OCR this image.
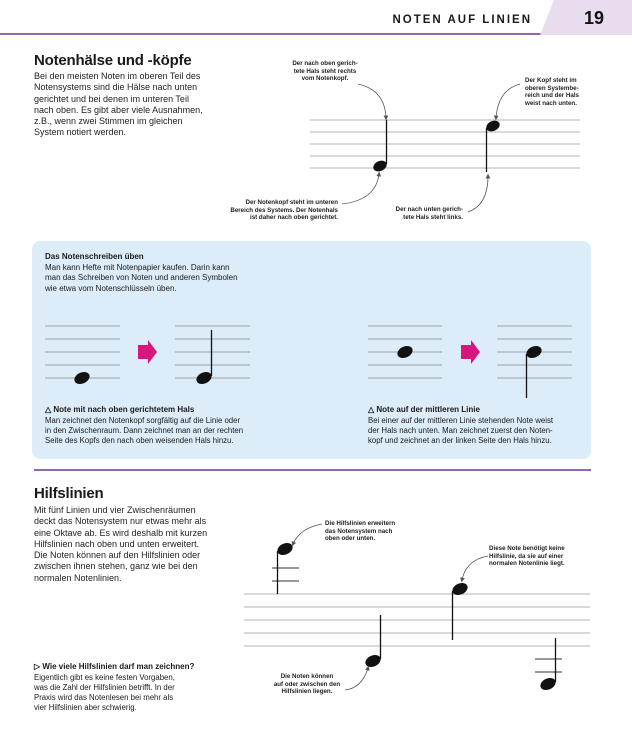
NOTEN AUF LINIEN	19
Notenhälse und -köpfe
Bei den meisten Noten im oberen Teil des
Notensystems sind die Hälse nach unten
gerichtet und bei denen im unteren Teil
nach oben. Es gibt aber viele Ausnahmen,
z.B., wenn zwei Stimmen im gleichen
System notiert werden.
Der nach oben gerich-
tete Hals steht rechts
vom Notenkopf.	Der Kopf steht im
oberen Systembe-
reich und der Hals
weist nach unten.
Der Notenkopf steht im unteren
Bereich des Systems. Der Notenhals
ist daher nach oben gerichtet.
Der nach unten gerich-
tete Hals steht links.
Das Notenschreiben üben
Man kann Hefte mit Notenpapier kaufen. Darin kann
man das Schreiben von Noten und anderen Symbolen
wie etwa vom Notenschlüsseln üben.
△ Note mit nach oben gerichtetem Hals
Man zeichnet den Notenkopf sorgfältig auf die Linie oder
in den Zwischenraum. Dann zeichnet man an der rechten
Seite des Kopfs den nach oben weisenden Hals hinzu.
△ Note auf der mittleren Linie
Bei einer auf der mittleren Linie stehenden Note weist
der Hals nach unten. Man zeichnet zuerst den Noten-
kopf und zeichnet an der linken Seite den Hals hinzu.
Hilfslinien
Mit fünf Linien und vier Zwischenräumen
deckt das Notensystem nur etwas mehr als
eine Oktave ab. Es wird deshalb mit kurzen
Hilfslinien nach oben und unten erweitert.
Die Noten können auf den Hilfslinien oder
zwischen ihnen stehen, ganz wie bei den
normalen Notenlinien.
Die Hilfslinien erweitern
das Notensystem nach
oben oder unten.
Diese Note benötigt keine
Hilfslinie, da sie auf einer
normalen Notenlinie liegt.
Die Noten können
auf oder zwischen den
Hilfslinien liegen.
▷ Wie viele Hilfslinien darf man zeichnen?
Eigentlich gibt es keine festen Vorgaben,
was die Zahl der Hilfslinien betrifft. In der
Praxis wird das Notenlesen bei mehr als
vier Hilfslinien aber schwierig.
